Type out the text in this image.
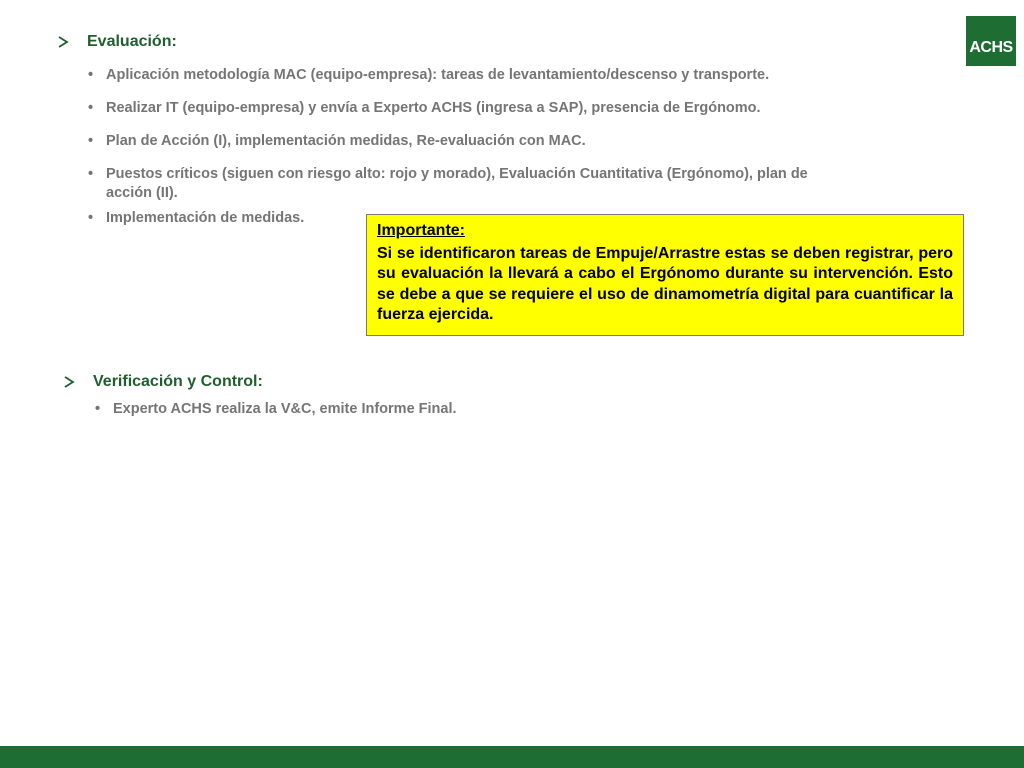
ACHS
Evaluación:
• Aplicación metodología MAC (equipo-empresa): tareas de levantamiento/descenso y transporte.
• Realizar IT (equipo-empresa) y envía a Experto ACHS (ingresa a SAP), presencia de Ergónomo.
• Plan de Acción (I), implementación medidas, Re-evaluación con MAC.
• Puestos críticos (siguen con riesgo alto: rojo y morado), Evaluación Cuantitativa (Ergónomo), plan de acción (II).
• Implementación de medidas.
Importante:
Si se identificaron tareas de Empuje/Arrastre estas se deben registrar, pero su evaluación la llevará a cabo el Ergónomo durante su intervención. Esto se debe a que se requiere el uso de dinamometría digital para cuantificar la fuerza ejercida.
Verificación y Control:
• Experto ACHS realiza la V&C, emite Informe Final.
